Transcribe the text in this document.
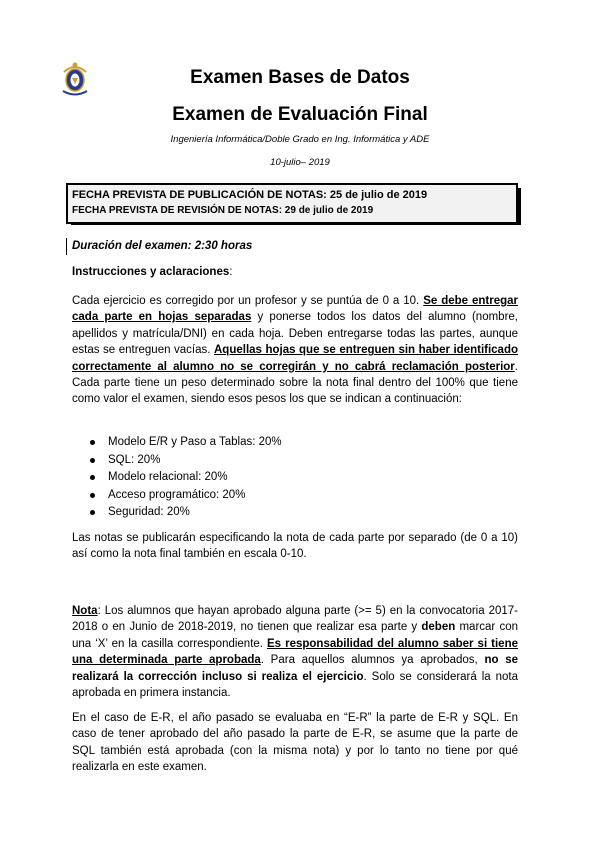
Examen Bases de Datos
Examen de Evaluación Final
Ingeniería Informática/Doble Grado en Ing. Informática y ADE
10-julio– 2019
FECHA PREVISTA DE PUBLICACIÓN DE NOTAS: 25 de julio de 2019
FECHA PREVISTA DE REVISIÓN DE NOTAS: 29 de julio de 2019
Duración del examen: 2:30 horas
Instrucciones y aclaraciones:
Cada ejercicio es corregido por un profesor y se puntúa de 0 a 10. Se debe entregar cada parte en hojas separadas y ponerse todos los datos del alumno (nombre, apellidos y matrícula/DNI) en cada hoja. Deben entregarse todas las partes, aunque estas se entreguen vacías. Aquellas hojas que se entreguen sin haber identificado correctamente al alumno no se corregirán y no cabrá reclamación posterior. Cada parte tiene un peso determinado sobre la nota final dentro del 100% que tiene como valor el examen, siendo esos pesos los que se indican a continuación:
Modelo E/R y Paso a Tablas: 20%
SQL: 20%
Modelo relacional: 20%
Acceso programático: 20%
Seguridad: 20%
Las notas se publicarán especificando la nota de cada parte por separado (de 0 a 10) así como la nota final también en escala 0-10.
Nota: Los alumnos que hayan aprobado alguna parte (>= 5) en la convocatoria 2017-2018 o en Junio de 2018-2019, no tienen que realizar esa parte y deben marcar con una ‘X’ en la casilla correspondiente. Es responsabilidad del alumno saber si tiene una determinada parte aprobada. Para aquellos alumnos ya aprobados, no se realizará la corrección incluso si realiza el ejercicio. Solo se considerará la nota aprobada en primera instancia.
En el caso de E-R, el año pasado se evaluaba en “E-R” la parte de E-R y SQL. En caso de tener aprobado del año pasado la parte de E-R, se asume que la parte de SQL también está aprobada (con la misma nota) y por lo tanto no tiene por qué realizarla en este examen.
